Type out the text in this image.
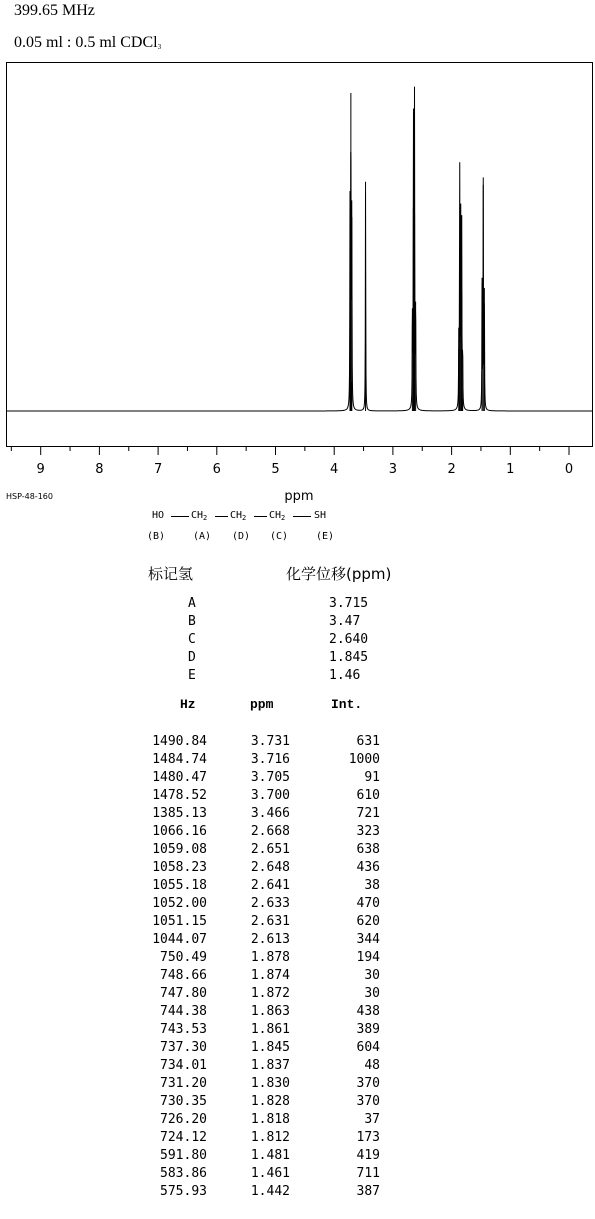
399.65 MHz
0.05 ml : 0.5 ml CDCl$_3$
9	8	7	6	5	4	3	2	1	0
ppm
HSP-48-160
HO	$CH_2$ $CH_2$ $CH_2$	SH
(B)	(A) (D) (C)	(E)
标记氢	化学位移(ppm)
A	3.715
B	3.47
C	2.640
D	1.845
E	1.46
Hz	ppm	Int.
1490.84	3.731	631
1484.74	3.716	1000
1480.47	3.705	91
1478.52	3.700	610
1385.13	3.466	721
1066.16	2.668	323
1059.08	2.651	638
1058.23	2.648	436
1055.18	2.641	38
1052.00	2.633	470
1051.15	2.631	620
1044.07	2.613	344
750.49	1.878	194
748.66	1.874	30
747.80	1.872	30
744.38	1.863	438
743.53	1.861	389
737.30	1.845	604
734.01	1.837	48
731.20	1.830	370
730.35	1.828	370
726.20	1.818	37
724.12	1.812	173
591.80	1.481	419
583.86	1.461	711
575.93	1.442	387
